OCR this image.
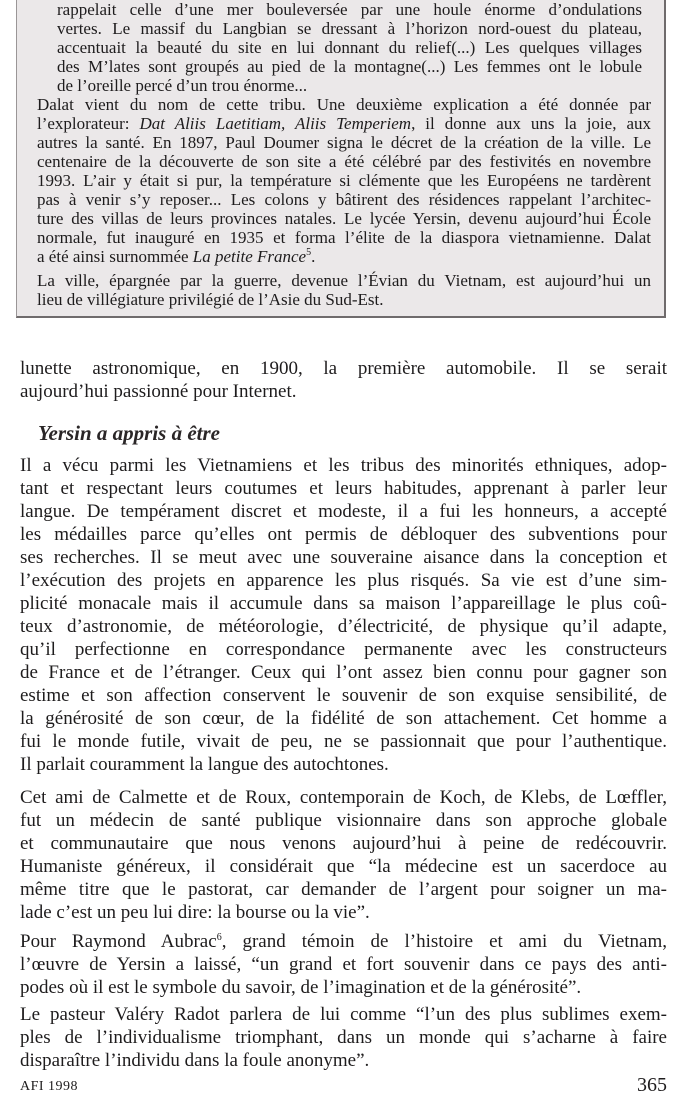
rappelait celle d’une mer bouleversée par une houle énorme d’ondulations
vertes. Le massif du Langbian se dressant à l’horizon nord-ouest du plateau,
accentuait la beauté du site en lui donnant du relief(...) Les quelques villages
des M’lates sont groupés au pied de la montagne(...) Les femmes ont le lobule
de l’oreille percé d’un trou énorme...
Dalat vient du nom de cette tribu. Une deuxième explication a été donnée par
l’explorateur: Dat Aliis Laetitiam, Aliis Temperiem, il donne aux uns la joie, aux
autres la santé. En 1897, Paul Doumer signa le décret de la création de la ville. Le
centenaire de la découverte de son site a été célébré par des festivités en novembre
1993. L’air y était si pur, la température si clémente que les Européens ne tardèrent
pas à venir s’y reposer... Les colons y bâtirent des résidences rappelant l’architec-
ture des villas de leurs provinces natales. Le lycée Yersin, devenu aujourd’hui École
normale, fut inauguré en 1935 et forma l’élite de la diaspora vietnamienne. Dalat
a été ainsi surnommée La petite France$^5$.
La ville, épargnée par la guerre, devenue l’Évian du Vietnam, est aujourd’hui un
lieu de villégiature privilégié de l’Asie du Sud-Est.
lunette astronomique, en 1900, la première automobile. Il se serait
aujourd’hui passionné pour Internet.
Yersin a appris à être
Il a vécu parmi les Vietnamiens et les tribus des minorités ethniques, adop-
tant et respectant leurs coutumes et leurs habitudes, apprenant à parler leur
langue. De tempérament discret et modeste, il a fui les honneurs, a accepté
les médailles parce qu’elles ont permis de débloquer des subventions pour
ses recherches. Il se meut avec une souveraine aisance dans la conception et
l’exécution des projets en apparence les plus risqués. Sa vie est d’une sim-
plicité monacale mais il accumule dans sa maison l’appareillage le plus coû-
teux d’astronomie, de météorologie, d’électricité, de physique qu’il adapte,
qu’il perfectionne en correspondance permanente avec les constructeurs
de France et de l’étranger. Ceux qui l’ont assez bien connu pour gagner son
estime et son affection conservent le souvenir de son exquise sensibilité, de
la générosité de son cœur, de la fidélité de son attachement. Cet homme a
fui le monde futile, vivait de peu, ne se passionnait que pour l’authentique.
Il parlait couramment la langue des autochtones.
Cet ami de Calmette et de Roux, contemporain de Koch, de Klebs, de Lœffler,
fut un médecin de santé publique visionnaire dans son approche globale
et communautaire que nous venons aujourd’hui à peine de redécouvrir.
Humaniste généreux, il considérait que “la médecine est un sacerdoce au
même titre que le pastorat, car demander de l’argent pour soigner un ma-
lade c’est un peu lui dire: la bourse ou la vie”.
Pour Raymond Aubrac$^6$, grand témoin de l’histoire et ami du Vietnam,
l’œuvre de Yersin a laissé, “un grand et fort souvenir dans ce pays des anti-
podes où il est le symbole du savoir, de l’imagination et de la générosité”.
Le pasteur Valéry Radot parlera de lui comme “l’un des plus sublimes exem-
ples de l’individualisme triomphant, dans un monde qui s’acharne à faire
disparaître l’individu dans la foule anonyme”.
AFI 1998	365
